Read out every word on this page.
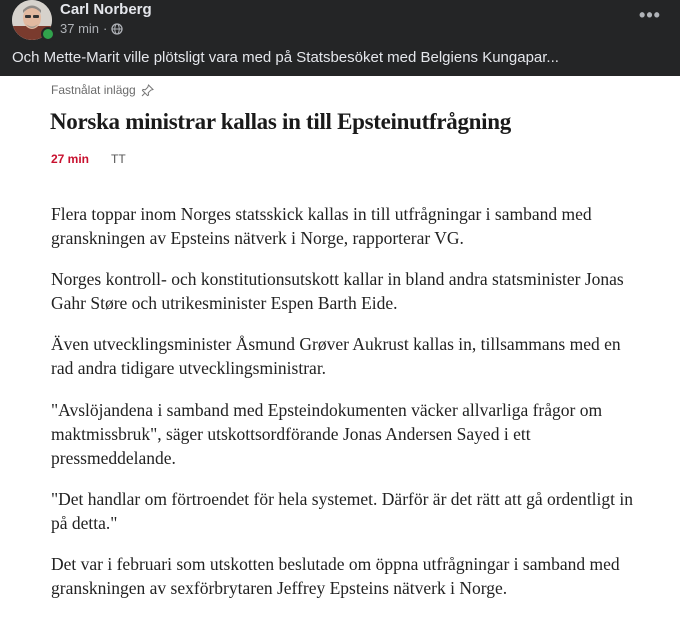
Carl Norberg
37 min ·
•••
Och Mette-Marit ville plötsligt vara med på Statsbesöket med Belgiens Kungapar...
Fastnålat inlägg
Norska ministrar kallas in till Epsteinutfrågning
27 min TT
Flera toppar inom Norges statsskick kallas in till utfrågningar i samband med granskningen av Epsteins nätverk i Norge, rapporterar VG.
Norges kontroll- och konstitutionsutskott kallar in bland andra statsminister Jonas Gahr Støre och utrikesminister Espen Barth Eide.
Även utvecklingsminister Åsmund Grøver Aukrust kallas in, tillsammans med en rad andra tidigare utvecklingsministrar.
"Avslöjandena i samband med Epsteindokumenten väcker allvarliga frågor om maktmissbruk", säger utskottsordförande Jonas Andersen Sayed i ett pressmeddelande.
"Det handlar om förtroendet för hela systemet. Därför är det rätt att gå ordentligt in på detta."
Det var i februari som utskotten beslutade om öppna utfrågningar i samband med granskningen av sexförbrytaren Jeffrey Epsteins nätverk i Norge.
